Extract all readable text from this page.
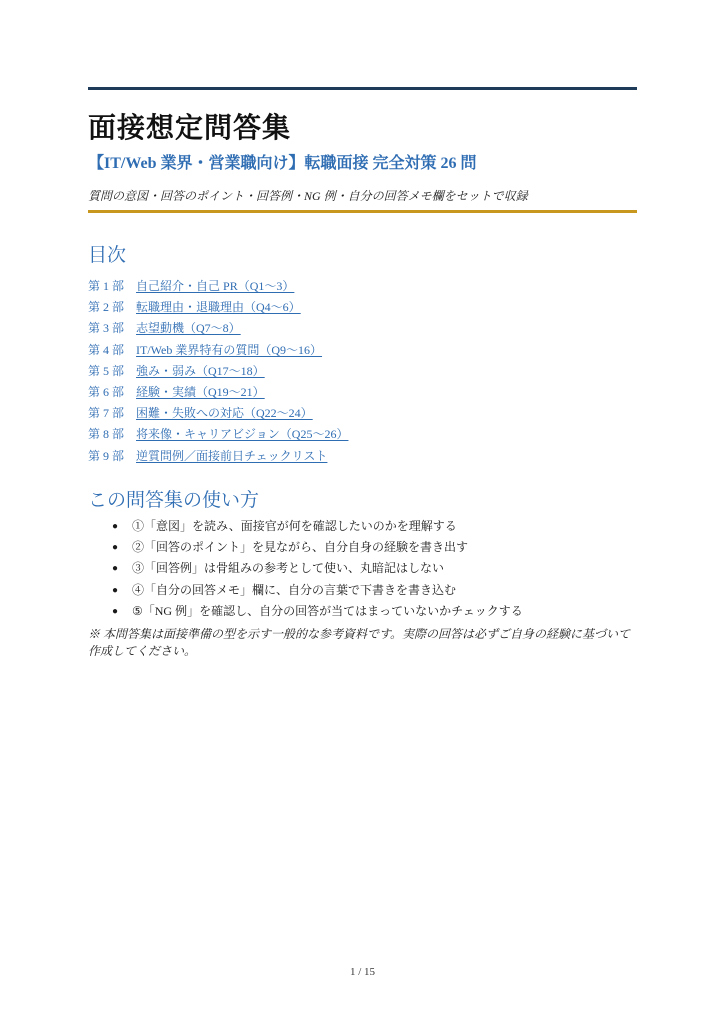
面接想定問答集
【IT/Web 業界・営業職向け】転職面接 完全対策 26 問
質問の意図・回答のポイント・回答例・NG 例・自分の回答メモ欄をセットで収録
目次
第 1 部 自己紹介・自己 PR（Q1〜3）
第 2 部 転職理由・退職理由（Q4〜6）
第 3 部 志望動機（Q7〜8）
第 4 部 IT/Web 業界特有の質問（Q9〜16）
第 5 部 強み・弱み（Q17〜18）
第 6 部 経験・実績（Q19〜21）
第 7 部 困難・失敗への対応（Q22〜24）
第 8 部 将来像・キャリアビジョン（Q25〜26）
第 9 部 逆質問例／面接前日チェックリスト
この問答集の使い方
● ①「意図」を読み、面接官が何を確認したいのかを理解する
● ②「回答のポイント」を見ながら、自分自身の経験を書き出す
● ③「回答例」は骨組みの参考として使い、丸暗記はしない
● ④「自分の回答メモ」欄に、自分の言葉で下書きを書き込む
● ⑤「NG 例」を確認し、自分の回答が当てはまっていないかチェックする
※ 本問答集は面接準備の型を示す一般的な参考資料です。実際の回答は必ずご自身の経験に基づいて作成してください。
1 / 15
